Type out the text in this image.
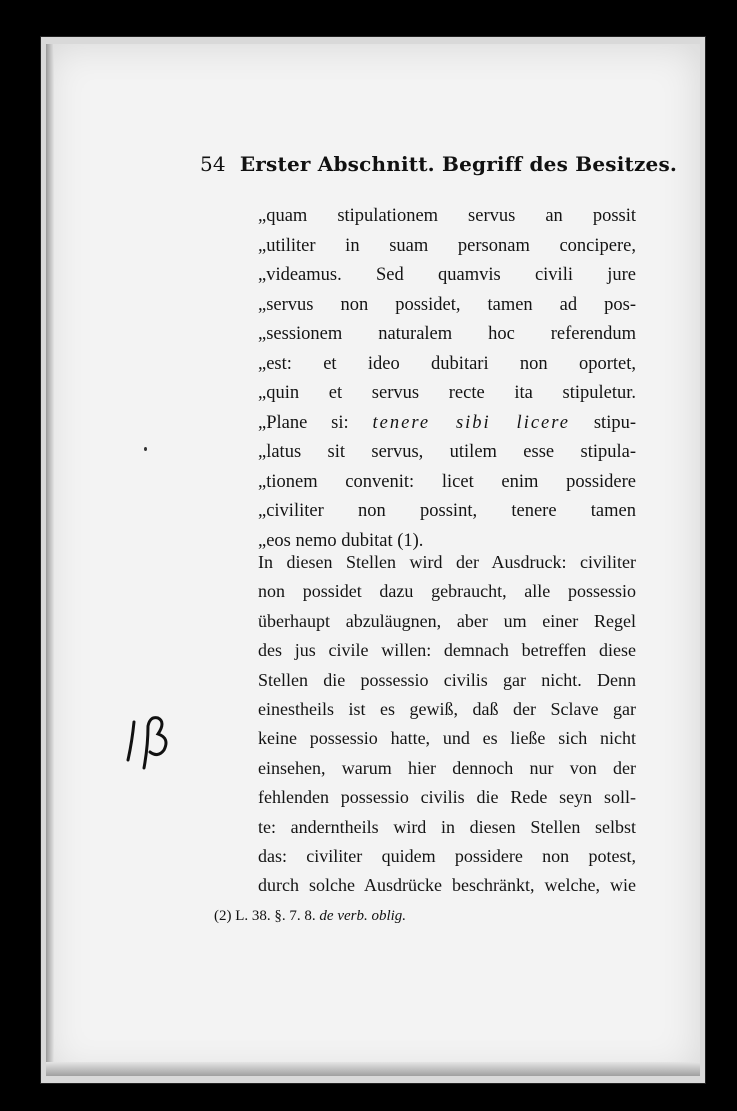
54 Erster Abschnitt. Begriff des Besitzes.
„quam stipulationem servus an possit
„utiliter in suam personam concipere,
„videamus. Sed quamvis civili jure
„servus non possidet, tamen ad pos-
„sessionem naturalem hoc referendum
„est: et ideo dubitari non oportet,
„quin et servus recte ita stipuletur.
„Plane si: tenere sibi licere stipu-
„latus sit servus, utilem esse stipula-
„tionem convenit: licet enim possidere
„civiliter non possint, tenere tamen
„eos nemo dubitat (1).
In diesen Stellen wird der Ausdruck: civiliter
non possidet dazu gebraucht, alle possessio
überhaupt abzuläugnen, aber um einer Regel
des jus civile willen: demnach betreffen diese
Stellen die possessio civilis gar nicht. Denn
einestheils ist es gewiß, daß der Sclave gar
keine possessio hatte, und es ließe sich nicht
einsehen, warum hier dennoch nur von der
fehlenden possessio civilis die Rede seyn soll-
te: anderntheils wird in diesen Stellen selbst
das: civiliter quidem possidere non potest,
durch solche Ausdrücke beschränkt, welche, wie
(2) L. 38. §. 7. 8. de verb. oblig.
